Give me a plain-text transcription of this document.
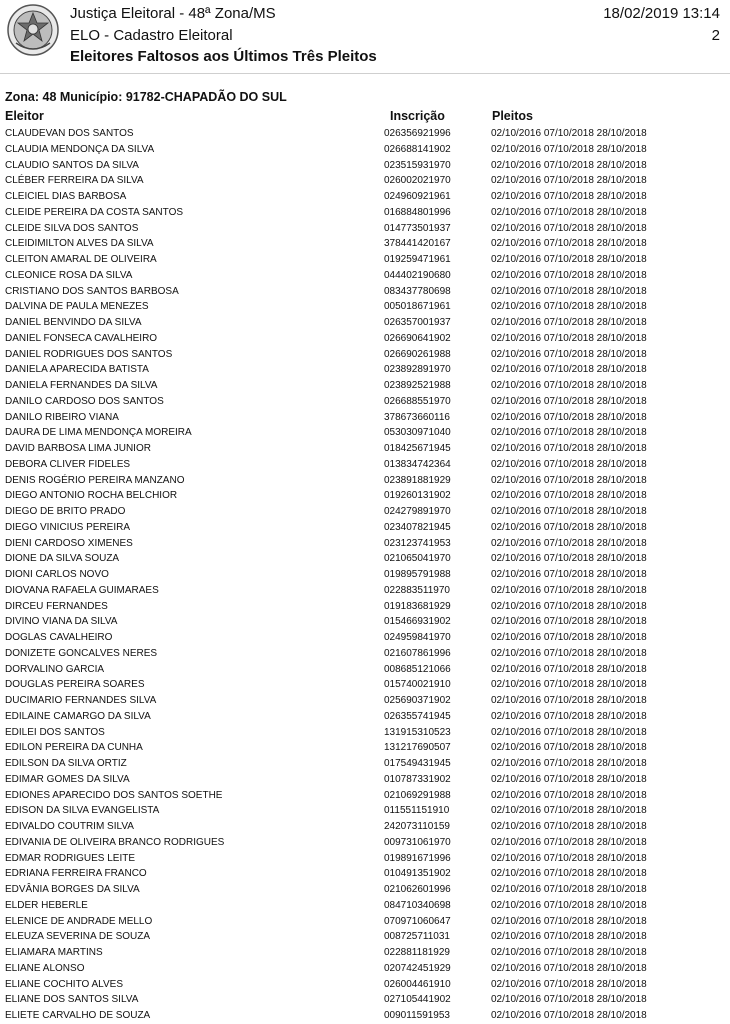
Justiça Eleitoral - 48ª Zona/MS
ELO - Cadastro Eleitoral
Eleitores Faltosos aos Últimos Três Pleitos
18/02/2019 13:14
2
Zona: 48 Município: 91782-CHAPADÃO DO SUL
Eleitor	Inscrição	Pleitos
CLAUDEVAN DOS SANTOS	026356921996	02/10/2016 07/10/2018 28/10/2018
CLAUDIA MENDONÇA DA SILVA	026688141902	02/10/2016 07/10/2018 28/10/2018
CLAUDIO SANTOS DA SILVA	023515931970	02/10/2016 07/10/2018 28/10/2018
CLÉBER FERREIRA DA SILVA	026002021970	02/10/2016 07/10/2018 28/10/2018
CLEICIEL DIAS BARBOSA	024960921961	02/10/2016 07/10/2018 28/10/2018
CLEIDE PEREIRA DA COSTA SANTOS	016884801996	02/10/2016 07/10/2018 28/10/2018
CLEIDE SILVA DOS SANTOS	014773501937	02/10/2016 07/10/2018 28/10/2018
CLEIDIMILTON ALVES DA SILVA	378441420167	02/10/2016 07/10/2018 28/10/2018
CLEITON AMARAL DE OLIVEIRA	019259471961	02/10/2016 07/10/2018 28/10/2018
CLEONICE ROSA DA SILVA	044402190680	02/10/2016 07/10/2018 28/10/2018
CRISTIANO DOS SANTOS BARBOSA	083437780698	02/10/2016 07/10/2018 28/10/2018
DALVINA DE PAULA MENEZES	005018671961	02/10/2016 07/10/2018 28/10/2018
DANIEL BENVINDO DA SILVA	026357001937	02/10/2016 07/10/2018 28/10/2018
DANIEL FONSECA CAVALHEIRO	026690641902	02/10/2016 07/10/2018 28/10/2018
DANIEL RODRIGUES DOS SANTOS	026690261988	02/10/2016 07/10/2018 28/10/2018
DANIELA APARECIDA BATISTA	023892891970	02/10/2016 07/10/2018 28/10/2018
DANIELA FERNANDES DA SILVA	023892521988	02/10/2016 07/10/2018 28/10/2018
DANILO CARDOSO DOS SANTOS	026688551970	02/10/2016 07/10/2018 28/10/2018
DANILO RIBEIRO VIANA	378673660116	02/10/2016 07/10/2018 28/10/2018
DAURA DE LIMA MENDONÇA MOREIRA	053030971040	02/10/2016 07/10/2018 28/10/2018
DAVID BARBOSA LIMA JUNIOR	018425671945	02/10/2016 07/10/2018 28/10/2018
DEBORA CLIVER FIDELES	013834742364	02/10/2016 07/10/2018 28/10/2018
DENIS ROGÉRIO PEREIRA MANZANO	023891881929	02/10/2016 07/10/2018 28/10/2018
DIEGO ANTONIO ROCHA BELCHIOR	019260131902	02/10/2016 07/10/2018 28/10/2018
DIEGO DE BRITO PRADO	024279891970	02/10/2016 07/10/2018 28/10/2018
DIEGO VINICIUS PEREIRA	023407821945	02/10/2016 07/10/2018 28/10/2018
DIENI CARDOSO XIMENES	023123741953	02/10/2016 07/10/2018 28/10/2018
DIONE DA SILVA SOUZA	021065041970	02/10/2016 07/10/2018 28/10/2018
DIONI CARLOS NOVO	019895791988	02/10/2016 07/10/2018 28/10/2018
DIOVANA RAFAELA GUIMARAES	022883511970	02/10/2016 07/10/2018 28/10/2018
DIRCEU FERNANDES	019183681929	02/10/2016 07/10/2018 28/10/2018
DIVINO VIANA DA SILVA	015466931902	02/10/2016 07/10/2018 28/10/2018
DOGLAS CAVALHEIRO	024959841970	02/10/2016 07/10/2018 28/10/2018
DONIZETE GONCALVES NERES	021607861996	02/10/2016 07/10/2018 28/10/2018
DORVALINO GARCIA	008685121066	02/10/2016 07/10/2018 28/10/2018
DOUGLAS PEREIRA SOARES	015740021910	02/10/2016 07/10/2018 28/10/2018
DUCIMARIO FERNANDES SILVA	025690371902	02/10/2016 07/10/2018 28/10/2018
EDILAINE CAMARGO DA SILVA	026355741945	02/10/2016 07/10/2018 28/10/2018
EDILEI DOS SANTOS	131915310523	02/10/2016 07/10/2018 28/10/2018
EDILON PEREIRA DA CUNHA	131217690507	02/10/2016 07/10/2018 28/10/2018
EDILSON DA SILVA ORTIZ	017549431945	02/10/2016 07/10/2018 28/10/2018
EDIMAR GOMES DA SILVA	010787331902	02/10/2016 07/10/2018 28/10/2018
EDIONES APARECIDO DOS SANTOS SOETHE	021069291988	02/10/2016 07/10/2018 28/10/2018
EDISON DA SILVA EVANGELISTA	011551151910	02/10/2016 07/10/2018 28/10/2018
EDIVALDO COUTRIM SILVA	242073110159	02/10/2016 07/10/2018 28/10/2018
EDIVANIA DE OLIVEIRA BRANCO RODRIGUES	009731061970	02/10/2016 07/10/2018 28/10/2018
EDMAR RODRIGUES LEITE	019891671996	02/10/2016 07/10/2018 28/10/2018
EDRIANA FERREIRA FRANCO	010491351902	02/10/2016 07/10/2018 28/10/2018
EDVÂNIA BORGES DA SILVA	021062601996	02/10/2016 07/10/2018 28/10/2018
ELDER HEBERLE	084710340698	02/10/2016 07/10/2018 28/10/2018
ELENICE DE ANDRADE MELLO	070971060647	02/10/2016 07/10/2018 28/10/2018
ELEUZA SEVERINA DE SOUZA	008725711031	02/10/2016 07/10/2018 28/10/2018
ELIAMARA MARTINS	022881181929	02/10/2016 07/10/2018 28/10/2018
ELIANE ALONSO	020742451929	02/10/2016 07/10/2018 28/10/2018
ELIANE COCHITO ALVES	026004461910	02/10/2016 07/10/2018 28/10/2018
ELIANE DOS SANTOS SILVA	027105441902	02/10/2016 07/10/2018 28/10/2018
ELIETE CARVALHO DE SOUZA	009011591953	02/10/2016 07/10/2018 28/10/2018
